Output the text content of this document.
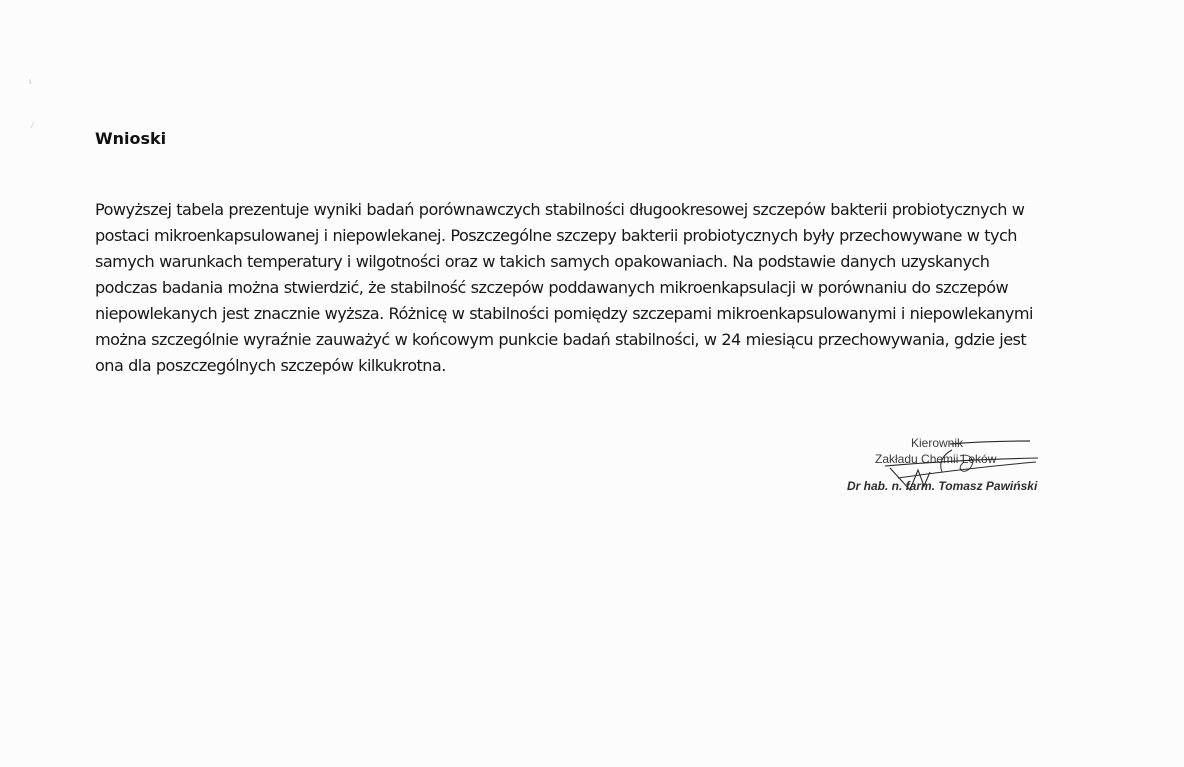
ι
/
Wnioski

Powyższej tabela prezentuje wyniki badań porównawczych stabilności długookresowej szczepów bakterii probiotycznych w
postaci mikroenkapsulowanej i niepowlekanej. Poszczególne szczepy bakterii probiotycznych były przechowywane w tych
samych warunkach temperatury i wilgotności oraz w takich samych opakowaniach. Na podstawie danych uzyskanych
podczas badania można stwierdzić, że stabilność szczepów poddawanych mikroenkapsulacji w porównaniu do szczepów
niepowlekanych jest znacznie wyższa. Różnicę w stabilności pomiędzy szczepami mikroenkapsulowanymi i niepowlekanymi
można szczególnie wyraźnie zauważyć w końcowym punkcie badań stabilności, w 24 miesiącu przechowywania, gdzie jest
ona dla poszczególnych szczepów kilkukrotna.

Kierownik
Zakładu Chemii Leków
Dr hab. n. farm. Tomasz Pawiński
